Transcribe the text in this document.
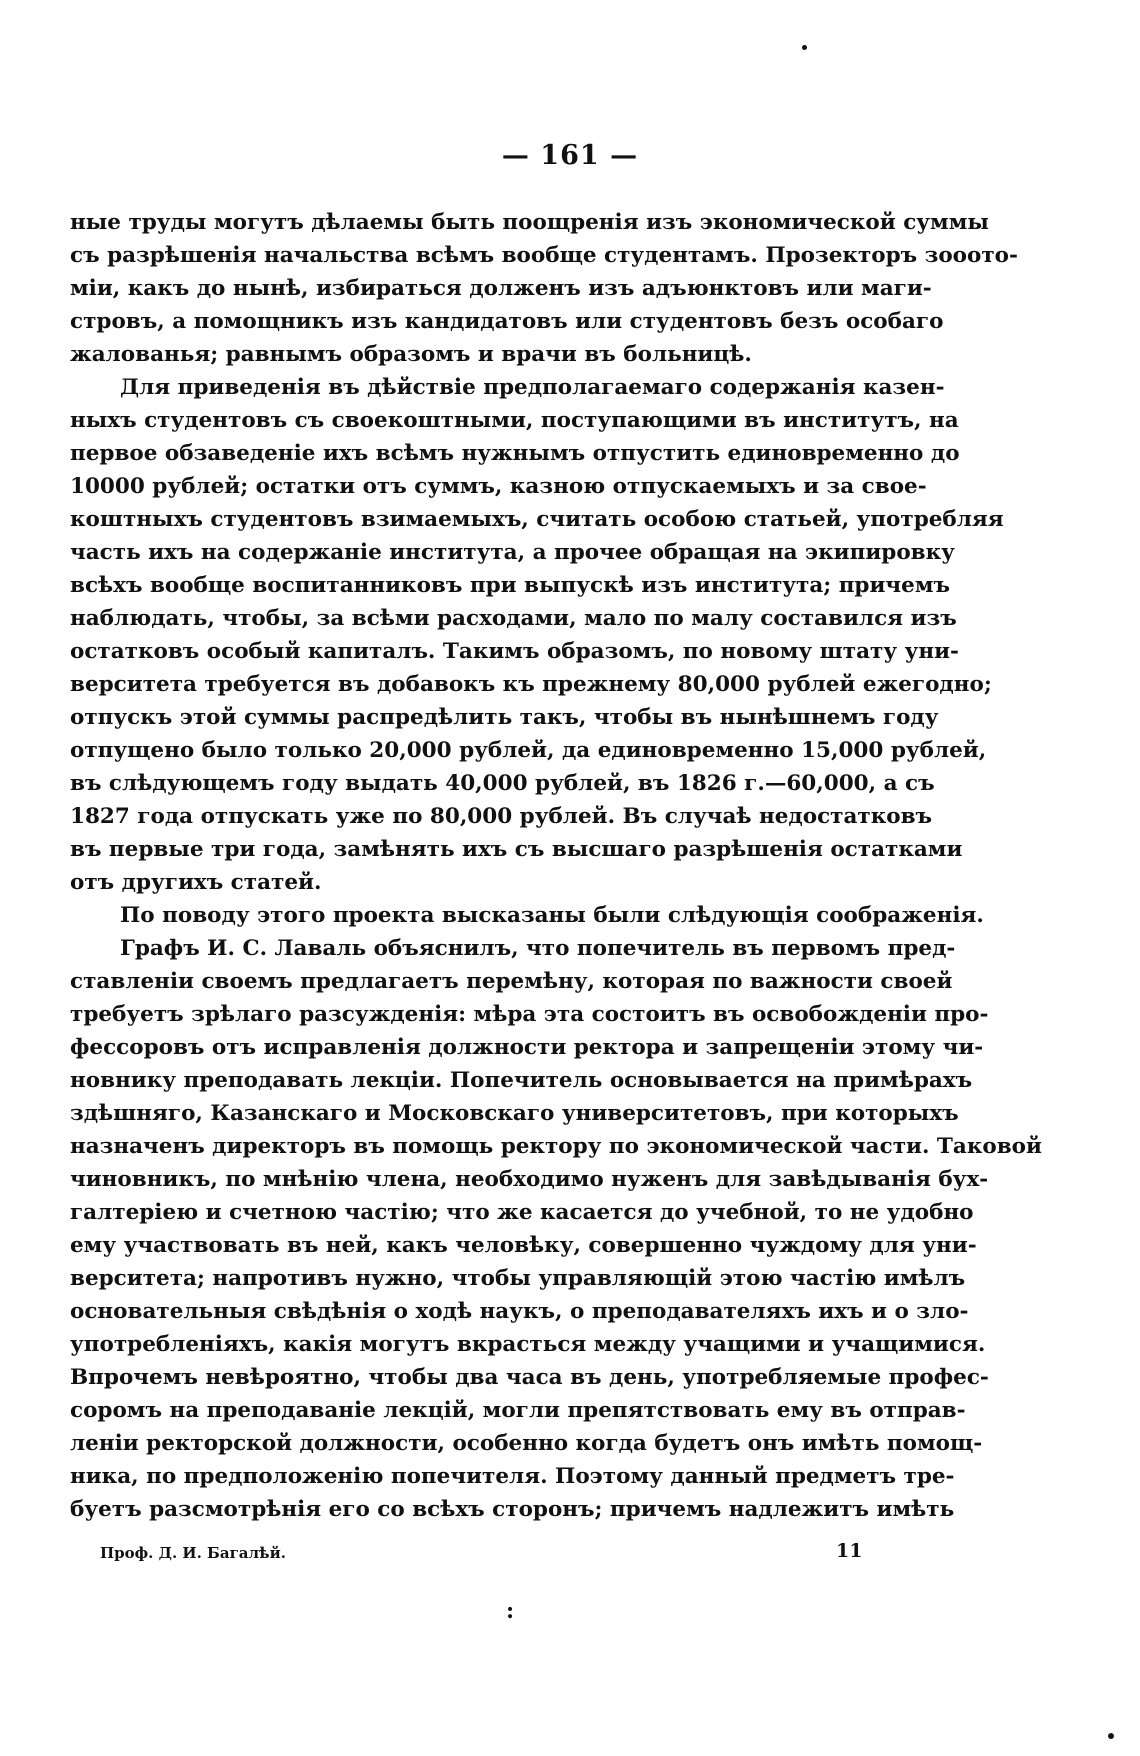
— 161 —
ные труды могутъ дѣлаемы быть поощренія изъ экономической суммы
съ разрѣшенія начальства всѣмъ вообще студентамъ. Прозекторъ зооото-
міи, какъ до нынѣ, избираться долженъ изъ адъюнктовъ или маги-
стровъ, а помощникъ изъ кандидатовъ или студентовъ безъ особаго
жалованья; равнымъ образомъ и врачи въ больницѣ.
Для приведенія въ дѣйствіе предполагаемаго содержанія казен-
ныхъ студентовъ съ своекоштными, поступающими въ институтъ, на
первое обзаведеніе ихъ всѣмъ нужнымъ отпустить единовременно до
10000 рублей; остатки отъ суммъ, казною отпускаемыхъ и за свое-
коштныхъ студентовъ взимаемыхъ, считать особою статьей, употребляя
часть ихъ на содержаніе института, а прочее обращая на экипировку
всѣхъ вообще воспитанниковъ при выпускѣ изъ института; причемъ
наблюдать, чтобы, за всѣми расходами, мало по малу составился изъ
остатковъ особый капиталъ. Такимъ образомъ, по новому штату уни-
верситета требуется въ добавокъ къ прежнему 80,000 рублей ежегодно;
отпускъ этой суммы распредѣлить такъ, чтобы въ нынѣшнемъ году
отпущено было только 20,000 рублей, да единовременно 15,000 рублей,
въ слѣдующемъ году выдать 40,000 рублей, въ 1826 г.—60,000, а съ
1827 года отпускать уже по 80,000 рублей. Въ случаѣ недостатковъ
въ первые три года, замѣнять ихъ съ высшаго разрѣшенія остатками
отъ другихъ статей.
По поводу этого проекта высказаны были слѣдующія соображенія.
Графъ И. С. Лаваль объяснилъ, что попечитель въ первомъ пред-
ставленіи своемъ предлагаетъ перемѣну, которая по важности своей
требуетъ зрѣлаго разсужденія: мѣра эта состоитъ въ освобожденіи про-
фессоровъ отъ исправленія должности ректора и запрещеніи этому чи-
новнику преподавать лекціи. Попечитель основывается на примѣрахъ
здѣшняго, Казанскаго и Московскаго университетовъ, при которыхъ
назначенъ директоръ въ помощь ректору по экономической части. Таковой
чиновникъ, по мнѣнію члена, необходимо нуженъ для завѣдыванія бух-
галтеріею и счетною частію; что же касается до учебной, то не удобно
ему участвовать въ ней, какъ человѣку, совершенно чуждому для уни-
верситета; напротивъ нужно, чтобы управляющій этою частію имѣлъ
основательныя свѣдѣнія о ходѣ наукъ, о преподавателяхъ ихъ и о зло-
употребленіяхъ, какія могутъ вкрасться между учащими и учащимися.
Впрочемъ невѣроятно, чтобы два часа въ день, употребляемые профес-
соромъ на преподаваніе лекцій, могли препятствовать ему въ отправ-
леніи ректорской должности, особенно когда будетъ онъ имѣть помощ-
ника, по предположенію попечителя. Поэтому данный предметъ тре-
буетъ разсмотрѣнія его со всѣхъ сторонъ; причемъ надлежитъ имѣть
Проф. Д. И. Багалѣй.	11
:
